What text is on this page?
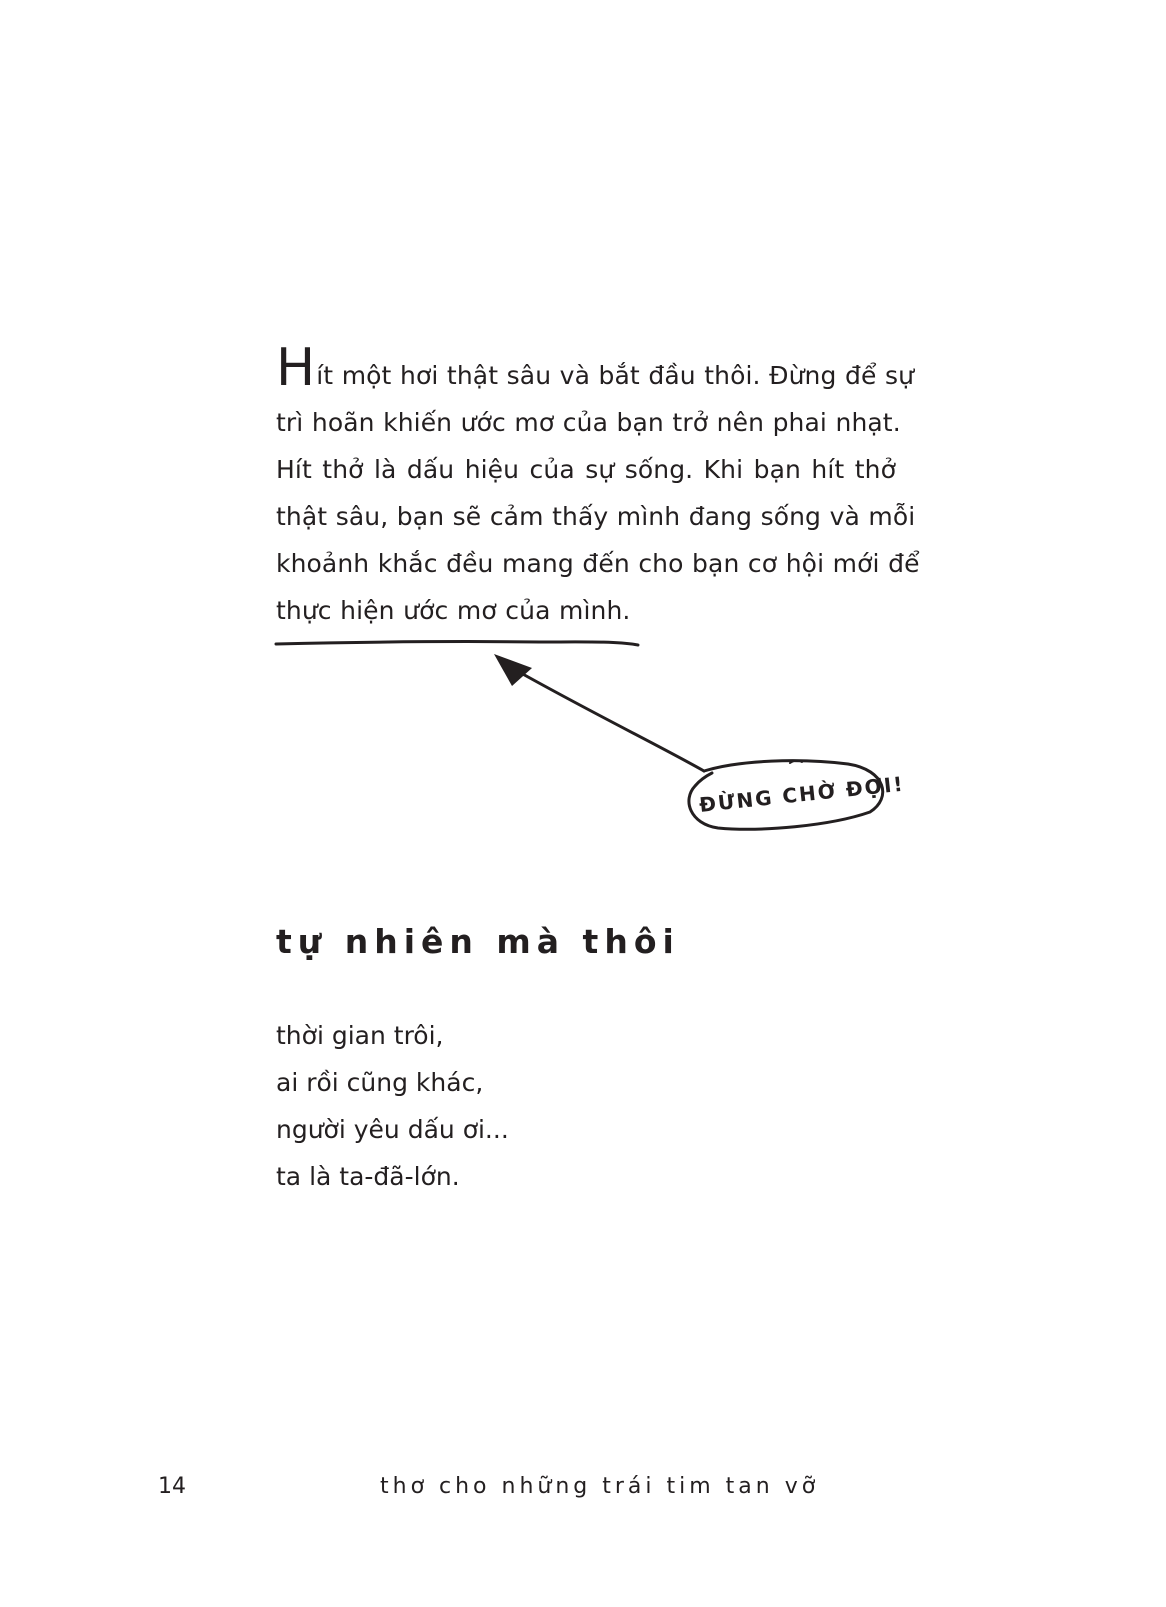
Hít một hơi thật sâu và bắt đầu thôi. Đừng để sự
trì hoãn khiến ước mơ của bạn trở nên phai nhạt.
Hít thở là dấu hiệu của sự sống. Khi bạn hít thở
thật sâu, bạn sẽ cảm thấy mình đang sống và mỗi
khoảnh khắc đều mang đến cho bạn cơ hội mới để
thực hiện ước mơ của mình.
ĐỪNG CHỜ ĐỢI!
tự nhiên mà thôi
thời gian trôi,
ai rồi cũng khác,
người yêu dấu ơi...
ta là ta-đã-lớn.
14	thơ cho những trái tim tan vỡ
